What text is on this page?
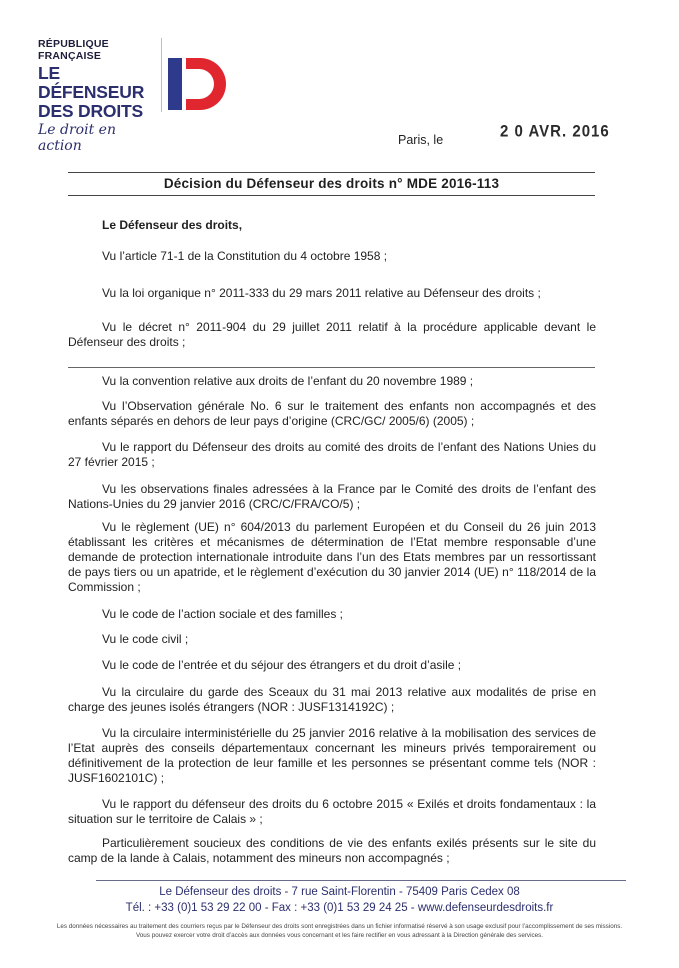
RÉPUBLIQUE FRANÇAISE
LE DÉFENSEUR
DES DROITS
Le droit en action	Paris, le	2 0 AVR. 2016
Décision du Défenseur des droits n° MDE 2016-113
Le Défenseur des droits,
Vu l’article 71-1 de la Constitution du 4 octobre 1958 ;
Vu la loi organique n° 2011-333 du 29 mars 2011 relative au Défenseur des droits ;
Vu le décret n° 2011-904 du 29 juillet 2011 relatif à la procédure applicable devant le Défenseur des droits ;
Vu la convention relative aux droits de l’enfant du 20 novembre 1989 ;
Vu l’Observation générale No. 6 sur le traitement des enfants non accompagnés et des enfants séparés en dehors de leur pays d’origine (CRC/GC/ 2005/6) (2005) ;
Vu le rapport du Défenseur des droits au comité des droits de l’enfant des Nations Unies du 27 février 2015 ;
Vu les observations finales adressées à la France par le Comité des droits de l’enfant des Nations-Unies du 29 janvier 2016 (CRC/C/FRA/CO/5) ;
Vu le règlement (UE) n° 604/2013 du parlement Européen et du Conseil du 26 juin 2013 établissant les critères et mécanismes de détermination de l’Etat membre responsable d’une demande de protection internationale introduite dans l’un des Etats membres par un ressortissant de pays tiers ou un apatride, et le règlement d’exécution du 30 janvier 2014 (UE) n° 118/2014 de la Commission ;
Vu le code de l’action sociale et des familles ;
Vu le code civil ;
Vu le code de l’entrée et du séjour des étrangers et du droit d’asile ;
Vu la circulaire du garde des Sceaux du 31 mai 2013 relative aux modalités de prise en charge des jeunes isolés étrangers (NOR : JUSF1314192C) ;
Vu la circulaire interministérielle du 25 janvier 2016 relative à la mobilisation des services de l’Etat auprès des conseils départementaux concernant les mineurs privés temporairement ou définitivement de la protection de leur famille et les personnes se présentant comme tels (NOR : JUSF1602101C) ;
Vu le rapport du défenseur des droits du 6 octobre 2015 « Exilés et droits fondamentaux : la situation sur le territoire de Calais » ;
Particulièrement soucieux des conditions de vie des enfants exilés présents sur le site du camp de la lande à Calais, notamment des mineurs non accompagnés ;
Le Défenseur des droits - 7 rue Saint-Florentin - 75409 Paris Cedex 08
Tél. : +33 (0)1 53 29 22 00 - Fax : +33 (0)1 53 29 24 25 - www.defenseurdesdroits.fr
Les données nécessaires au traitement des courriers reçus par le Défenseur des droits sont enregistrées dans un fichier informatisé réservé à son usage exclusif pour l’accomplissement de ses missions.
Vous pouvez exercer votre droit d’accès aux données vous concernant et les faire rectifier en vous adressant à la Direction générale des services.
